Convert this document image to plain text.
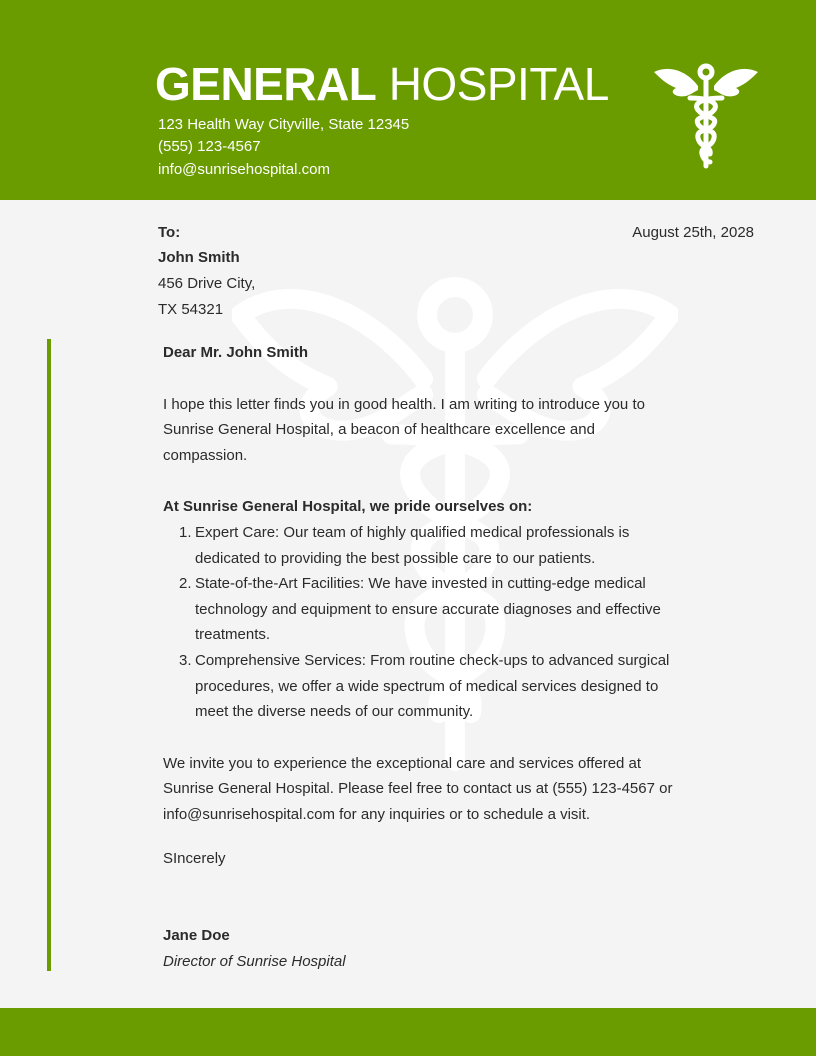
GENERAL HOSPITAL
123 Health Way Cityville, State 12345
(555) 123-4567
info@sunrisehospital.com
To:
John Smith
456 Drive City,
TX 54321
August 25th, 2028

Dear Mr. John Smith

I hope this letter finds you in good health. I am writing to introduce you to Sunrise General Hospital, a beacon of healthcare excellence and compassion.

At Sunrise General Hospital, we pride ourselves on:

1. Expert Care: Our team of highly qualified medical professionals is dedicated to providing the best possible care to our patients.
2. State-of-the-Art Facilities: We have invested in cutting-edge medical technology and equipment to ensure accurate diagnoses and effective treatments.
3. Comprehensive Services: From routine check-ups to advanced surgical procedures, we offer a wide spectrum of medical services designed to meet the diverse needs of our community.

We invite you to experience the exceptional care and services offered at Sunrise General Hospital. Please feel free to contact us at (555) 123-4567 or info@sunrisehospital.com for any inquiries or to schedule a visit.

SIncerely

Jane Doe

Director of Sunrise Hospital
